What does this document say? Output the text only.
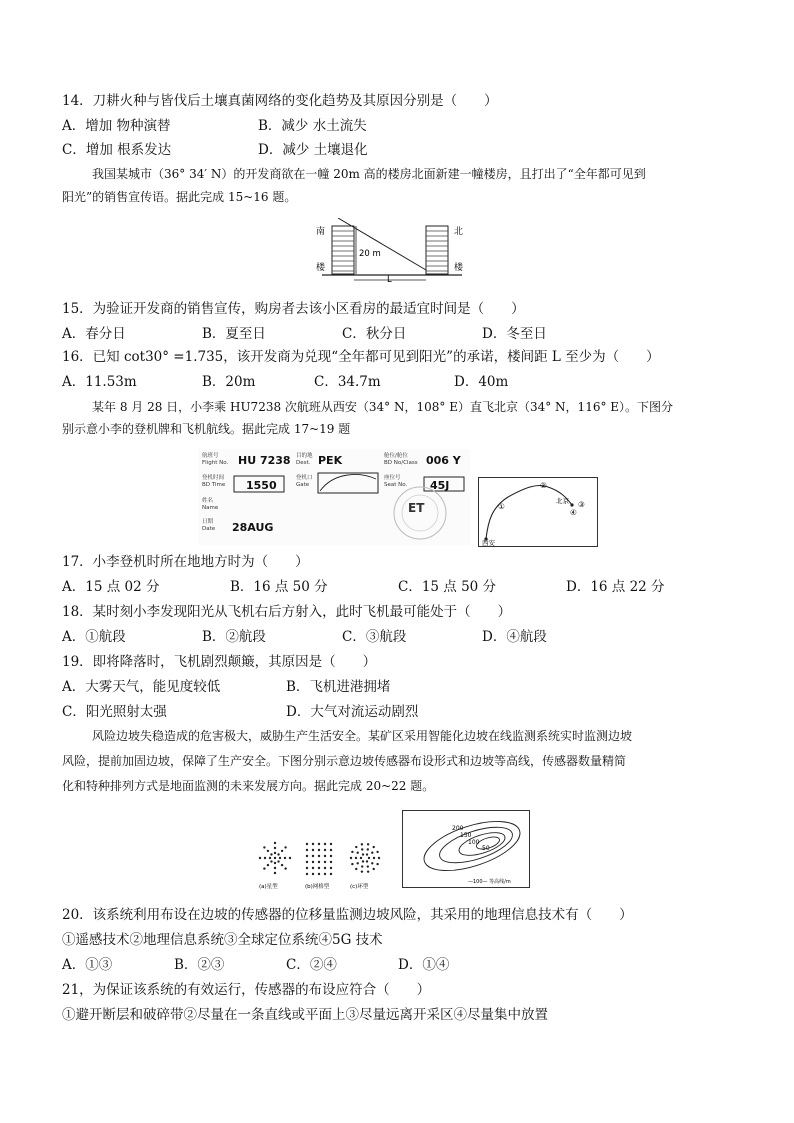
14．刀耕火种与皆伐后土壤真菌网络的变化趋势及其原因分别是（　　）
A．增加 物种演替	B．减少 水土流失
C．增加 根系发达	D．减少 土壤退化
我国某城市（36° 34′ N）的开发商欲在一幢 20m 高的楼房北面新建一幢楼房，且打出了“全年都可见到
阳光”的销售宣传语。据此完成 15~16 题。
南
楼
北
楼
20 m
L
15．为验证开发商的销售宣传，购房者去该小区看房的最适宜时间是（　　）
A．春分日	B．夏至日	C．秋分日	D．冬至日
16．已知 cot30° =1.735，该开发商为兑现“全年都可见到阳光”的承诺，楼间距 L 至少为（　　）
A．11.53m	B．20m	C．34.7m	D．40m
某年 8 月 28 日，小李乘 HU7238 次航班从西安（34° N，108° E）直飞北京（34° N，116° E）。下图分
别示意小李的登机牌和飞机航线。据此完成 17~19 题
航班号
Flight No.
登机时间
BD Time
姓名
Name
日期
Date
目的地
Dest.
登机口
Gate
舱位/舱位
BD No/Class
座位号
Seat No.
HU 7238 PEK	006 Y
1550	45J
28AUG
ET
西安
北京
①
②
③
④
17．小李登机时所在地地方时为（　　）
A．15 点 02 分	B．16 点 50 分	C．15 点 50 分	D．16 点 22 分
18．某时刻小李发现阳光从飞机右后方射入，此时飞机最可能处于（　　）
A．①航段	B．②航段	C．③航段	D．④航段
19．即将降落时，飞机剧烈颠簸，其原因是（　　）
A．大雾天气，能见度较低	B．飞机进港拥堵
C．阳光照射太强	D．大气对流运动剧烈
风险边坡失稳造成的危害极大，威胁生产生活安全。某矿区采用智能化边坡在线监测系统实时监测边坡
风险，提前加固边坡，保障了生产安全。下图分别示意边坡传感器布设形式和边坡等高线，传感器数量精简
化和特种排列方式是地面监测的未来发展方向。据此完成 20~22 题。
(a)星型	(b)网格型	(c)环型
200
150
100
50
—100— 等高线/m
20．该系统利用布设在边坡的传感器的位移量监测边坡风险，其采用的地理信息技术有（　　）
①遥感技术②地理信息系统③全球定位系统④5G 技术
A．①③	B．②③	C．②④	D．①④
21，为保证该系统的有效运行，传感器的布设应符合（　　）
①避开断层和破碎带②尽量在一条直线或平面上③尽量远离开采区④尽量集中放置
